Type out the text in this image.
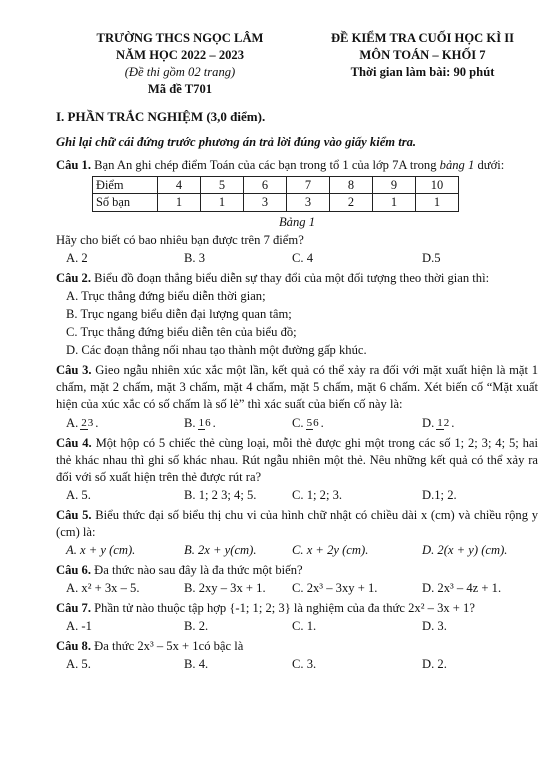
TRƯỜNG THCS NGỌC LÂM
NĂM HỌC 2022 – 2023
(Đề thi gồm 02 trang)
Mã đề T701
ĐỀ KIỂM TRA CUỐI HỌC KÌ II
MÔN TOÁN – KHỐI 7
Thời gian làm bài: 90 phút
I. PHẦN TRẮC NGHIỆM (3,0 điểm).
Ghi lại chữ cái đứng trước phương án trả lời đúng vào giấy kiểm tra.
Câu 1. Bạn An ghi chép điểm Toán của các bạn trong tổ 1 của lớp 7A trong bảng 1 dưới:
Điểm	4	5	6	7	8	9	10
Số bạn	1	1	3	3	2	1	1
Bảng 1
Hãy cho biết có bao nhiêu bạn được trên 7 điểm?
A. 2	B. 3	C. 4	D.5
Câu 2. Biểu đồ đoạn thẳng biểu diễn sự thay đổi của một đối tượng theo thời gian thì:
A. Trục thẳng đứng biểu diễn thời gian;
B. Trục ngang biểu diễn đại lượng quan tâm;
C. Trục thẳng đứng biểu diễn tên của biểu đồ;
D. Các đoạn thẳng nối nhau tạo thành một đường gấp khúc.
Câu 3. Gieo ngẫu nhiên xúc xắc một lần, kết quả có thể xảy ra đối với mặt xuất hiện là mặt 1 chấm, mặt 2 chấm, mặt 3 chấm, mặt 4 chấm, mặt 5 chấm, mặt 6 chấm. Xét biến cố “Mặt xuất hiện của xúc xắc có số chấm là số lẻ” thì xác suất của biến cố này là:
A. 23 .	B. 16 .	C. 56 .	D. 12 .
Câu 4. Một hộp có 5 chiếc thẻ cùng loại, mỗi thẻ được ghi một trong các số 1; 2; 3; 4; 5; hai thẻ khác nhau thì ghi số khác nhau. Rút ngẫu nhiên một thẻ. Nêu những kết quả có thể xảy ra đối với số xuất hiện trên thẻ được rút ra?
A. 5.	B. 1; 2 3; 4; 5.	C. 1; 2; 3.	D.1; 2.
Câu 5. Biểu thức đại số biểu thị chu vi của hình chữ nhật có chiều dài x (cm) và chiều rộng y (cm) là:
A. x + y (cm).	B. 2x + y(cm).	C. x + 2y (cm).	D. 2(x + y) (cm).
Câu 6. Đa thức nào sau đây là đa thức một biến?
A. x² + 3x – 5.	B. 2xy – 3x + 1.	C. 2x³ – 3xy + 1.	D. 2x³ – 4z + 1.
Câu 7. Phần tử nào thuộc tập hợp {-1; 1; 2; 3} là nghiệm của đa thức 2x² – 3x + 1?
A. -1	B. 2.	C. 1.	D. 3.
Câu 8. Đa thức 2x³ – 5x + 1có bậc là
A. 5.	B. 4.	C. 3.	D. 2.
